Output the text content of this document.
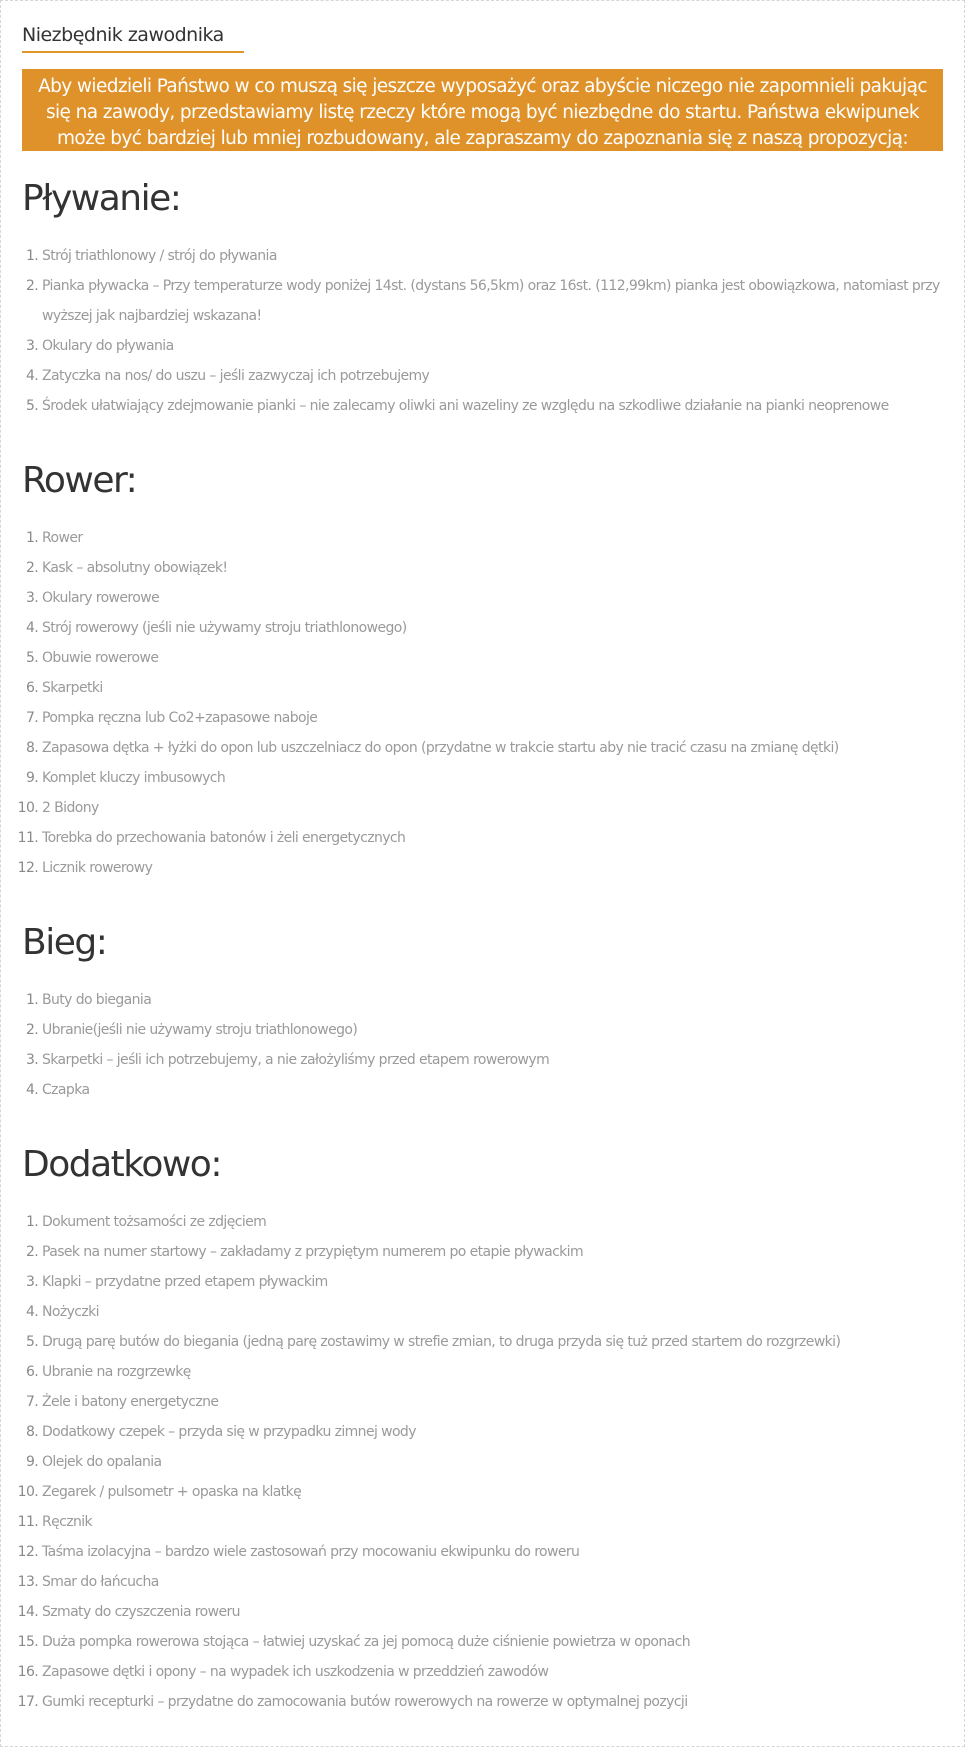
Niezbędnik zawodnika
Aby wiedzieli Państwo w co muszą się jeszcze wyposażyć oraz abyście niczego nie zapomnieli pakując się na zawody, przedstawiamy listę rzeczy które mogą być niezbędne do startu. Państwa ekwipunek może być bardziej lub mniej rozbudowany, ale zapraszamy do zapoznania się z naszą propozycją:
Pływanie:
1. Strój triathlonowy / strój do pływania
2. Pianka pływacka – Przy temperaturze wody poniżej 14st. (dystans 56,5km) oraz 16st. (112,99km) pianka jest obowiązkowa, natomiast przy wyższej jak najbardziej wskazana!
3. Okulary do pływania
4. Zatyczka na nos/ do uszu – jeśli zazwyczaj ich potrzebujemy
5. Środek ułatwiający zdejmowanie pianki – nie zalecamy oliwki ani wazeliny ze względu na szkodliwe działanie na pianki neoprenowe
Rower:
1. Rower
2. Kask – absolutny obowiązek!
3. Okulary rowerowe
4. Strój rowerowy (jeśli nie używamy stroju triathlonowego)
5. Obuwie rowerowe
6. Skarpetki
7. Pompka ręczna lub Co2+zapasowe naboje
8. Zapasowa dętka + łyżki do opon lub uszczelniacz do opon (przydatne w trakcie startu aby nie tracić czasu na zmianę dętki)
9. Komplet kluczy imbusowych
10. 2 Bidony
11. Torebka do przechowania batonów i żeli energetycznych
12. Licznik rowerowy
Bieg:
1. Buty do biegania
2. Ubranie(jeśli nie używamy stroju triathlonowego)
3. Skarpetki – jeśli ich potrzebujemy, a nie założyliśmy przed etapem rowerowym
4. Czapka
Dodatkowo:
1. Dokument tożsamości ze zdjęciem
2. Pasek na numer startowy – zakładamy z przypiętym numerem po etapie pływackim
3. Klapki – przydatne przed etapem pływackim
4. Nożyczki
5. Drugą parę butów do biegania (jedną parę zostawimy w strefie zmian, to druga przyda się tuż przed startem do rozgrzewki)
6. Ubranie na rozgrzewkę
7. Żele i batony energetyczne
8. Dodatkowy czepek – przyda się w przypadku zimnej wody
9. Olejek do opalania
10. Zegarek / pulsometr + opaska na klatkę
11. Ręcznik
12. Taśma izolacyjna – bardzo wiele zastosowań przy mocowaniu ekwipunku do roweru
13. Smar do łańcucha
14. Szmaty do czyszczenia roweru
15. Duża pompka rowerowa stojąca – łatwiej uzyskać za jej pomocą duże ciśnienie powietrza w oponach
16. Zapasowe dętki i opony – na wypadek ich uszkodzenia w przeddzień zawodów
17. Gumki recepturki – przydatne do zamocowania butów rowerowych na rowerze w optymalnej pozycji
